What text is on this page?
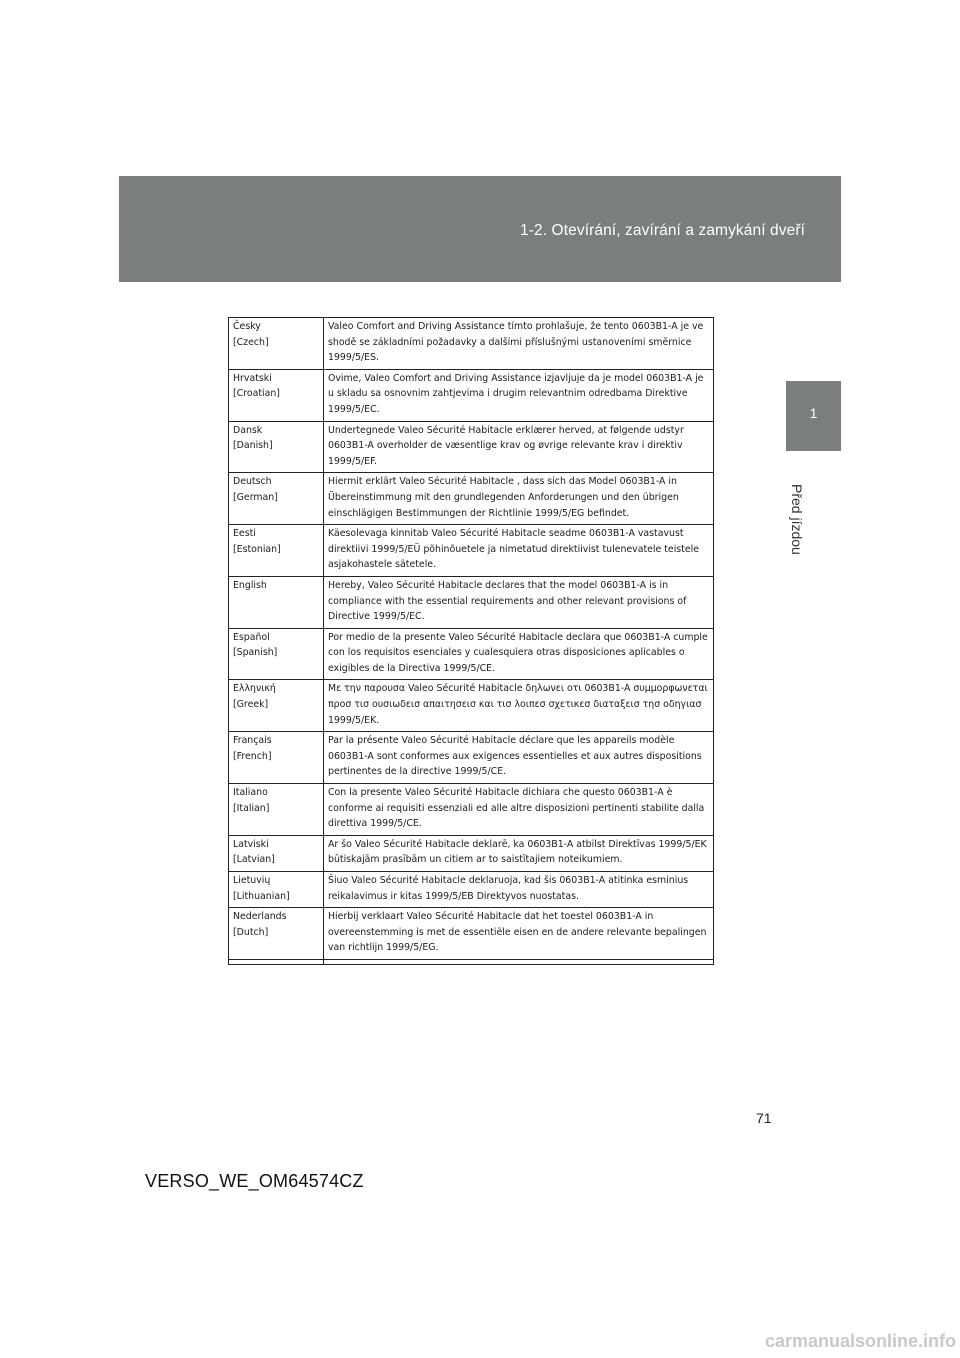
1-2. Otevírání, zavírání a zamykání dveří
1
Před jízdou
Česky
[Czech]	Valeo Comfort and Driving Assistance tímto prohlašuje, že tento 0603B1-A je ve shodě se základními požadavky a dalšími příslušnými ustanoveními směrnice 1999/5/ES.

Hrvatski
[Croatian]	Ovime, Valeo Comfort and Driving Assistance izjavljuje da je model 0603B1-A je u skladu sa osnovnim zahtjevima i drugim relevantnim odredbama Direktive 1999/5/EC.

Dansk
[Danish]	Undertegnede Valeo Sécurité Habitacle erklærer herved, at følgende udstyr 0603B1-A overholder de væsentlige krav og øvrige relevante krav i direktiv 1999/5/EF.

Deutsch
[German]	Hiermit erklärt Valeo Sécurité Habitacle , dass sich das Model 0603B1-A in Übereinstimmung mit den grundlegenden Anforderungen und den übrigen einschlägigen Bestimmungen der Richtlinie 1999/5/EG befindet.

Eesti
[Estonian]	Käesolevaga kinnitab Valeo Sécurité Habitacle seadme 0603B1-A vastavust direktiivi 1999/5/EÜ põhinõuetele ja nimetatud direktiivist tulenevatele teistele asjakohastele sätetele.

English	Hereby, Valeo Sécurité Habitacle declares that the model 0603B1-A is in compliance with the essential requirements and other relevant provisions of Directive 1999/5/EC.

Español
[Spanish]	Por medio de la presente Valeo Sécurité Habitacle declara que 0603B1-A cumple con los requisitos esenciales y cualesquiera otras disposiciones aplicables o exigibles de la Directiva 1999/5/CE.

Ελληνική
[Greek]	Με την παρουσα Valeo Sécurité Habitacle δηλωνει οτι 0603B1-A συμμορφωνεται προσ τισ ουσιωδεισ απαιτησεισ και τισ λοιπεσ σχετικεσ διαταξεισ τησ οδηγιασ 1999/5/ΕΚ.

Français
[French]	Par la présente Valeo Sécurité Habitacle déclare que les appareils modèle 0603B1-A sont conformes aux exigences essentielles et aux autres dispositions pertinentes de la directive 1999/5/CE.

Italiano
[Italian]	Con la presente Valeo Sécurité Habitacle dichiara che questo 0603B1-A è conforme ai requisiti essenziali ed alle altre disposizioni pertinenti stabilite dalla direttiva 1999/5/CE.

Latviski
[Latvian]	Ar šo Valeo Sécurité Habitacle deklarē, ka 0603B1-A atbilst Direktīvas 1999/5/EK būtiskajām prasībām un citiem ar to saistītajiem noteikumiem.

Lietuvių
[Lithuanian]	Šiuo Valeo Sécurité Habitacle deklaruoja, kad šis 0603B1-A atitinka esminius reikalavimus ir kitas 1999/5/EB Direktyvos nuostatas.

Nederlands
[Dutch]	Hierbij verklaart Valeo Sécurité Habitacle dat het toestel 0603B1-A in overeenstemming is met de essentiële eisen en de andere relevante bepalingen van richtlijn 1999/5/EG.

71
VERSO_WE_OM64574CZ
carmanualsonline.info
